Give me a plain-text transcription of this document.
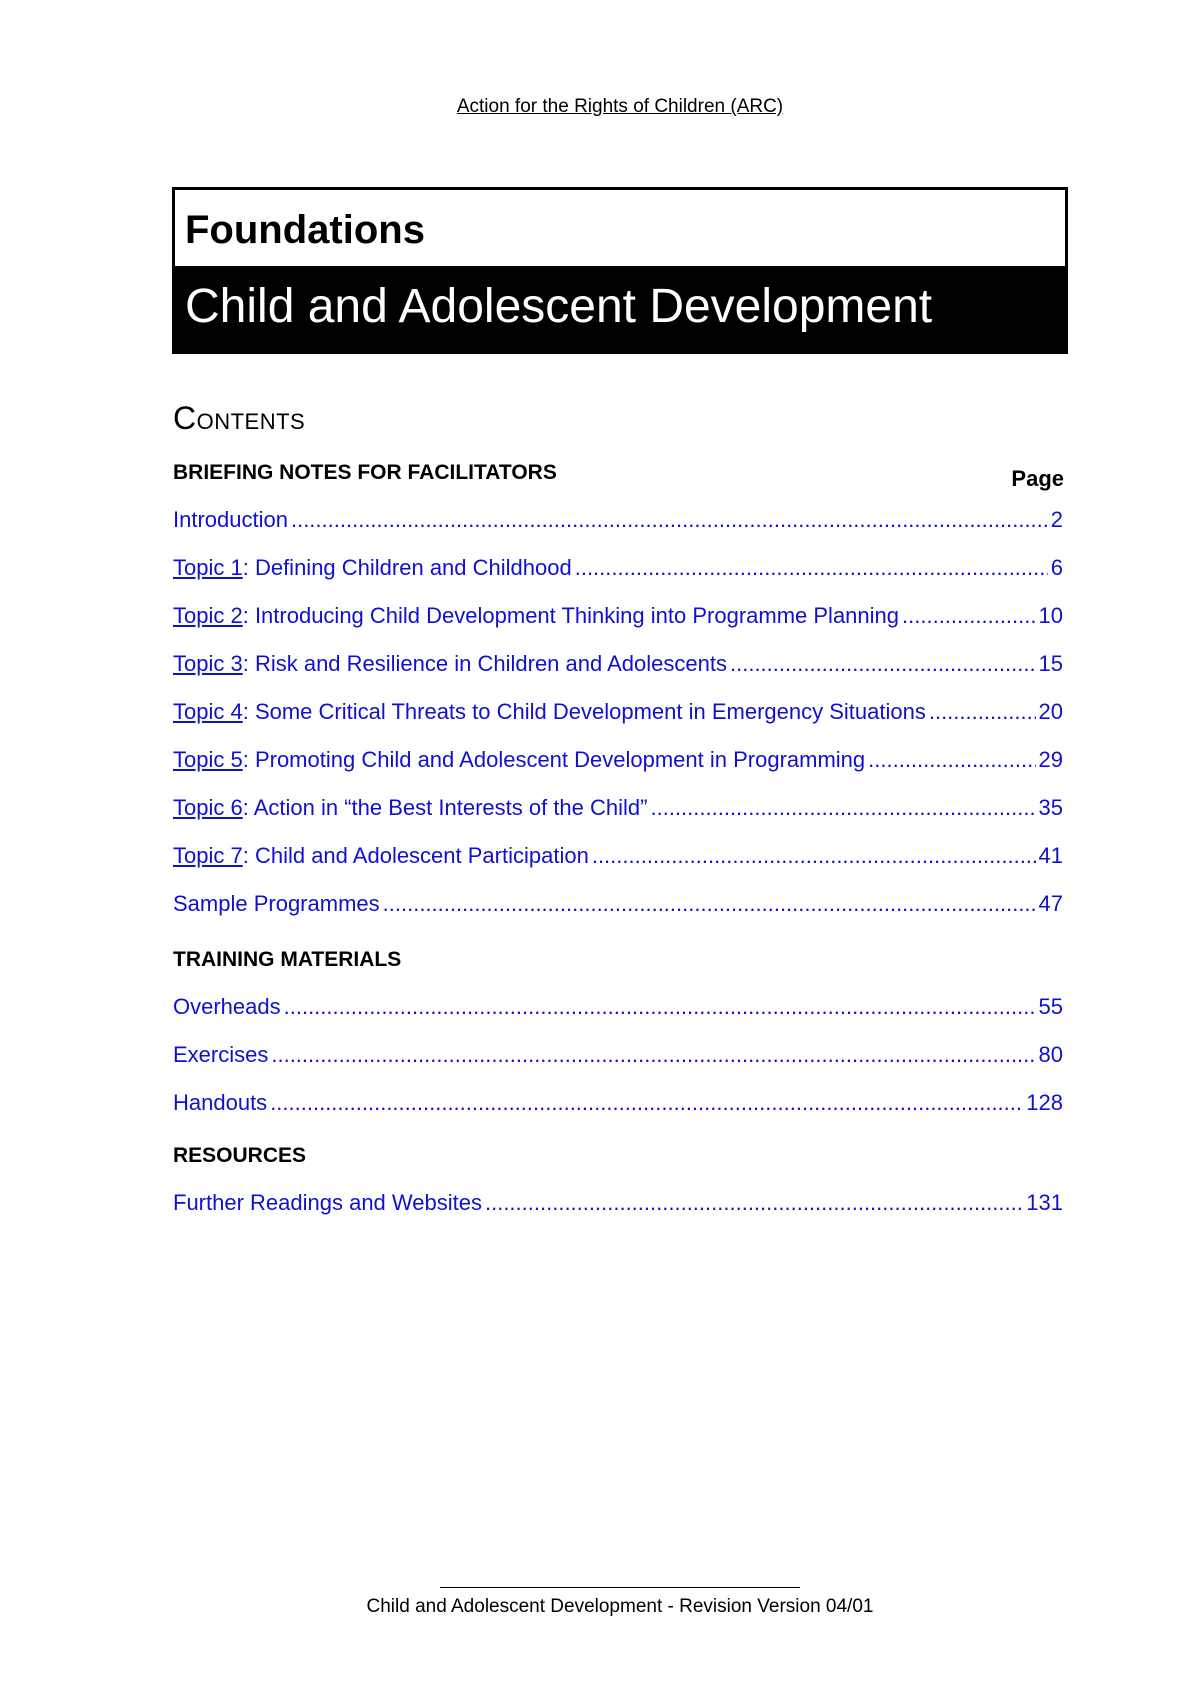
Action for the Rights of Children (ARC)
Foundations
Child and Adolescent Development
Contents
Page
BRIEFING NOTES FOR FACILITATORS
Introduction .....	2
Topic 1: Defining Children and Childhood .....	6
Topic 2: Introducing Child Development Thinking into Programme Planning .....	10
Topic 3: Risk and Resilience in Children and Adolescents .....	15
Topic 4: Some Critical Threats to Child Development in Emergency Situations .....	20
Topic 5: Promoting Child and Adolescent Development in Programming .....	29
Topic 6: Action in “the Best Interests of the Child” .....	35
Topic 7: Child and Adolescent Participation .....	41
Sample Programmes .....	47
TRAINING MATERIALS
Overheads .....	55
Exercises .....	80
Handouts .....	128
RESOURCES
Further Readings and Websites .....	131
Child and Adolescent Development - Revision Version 04/01
